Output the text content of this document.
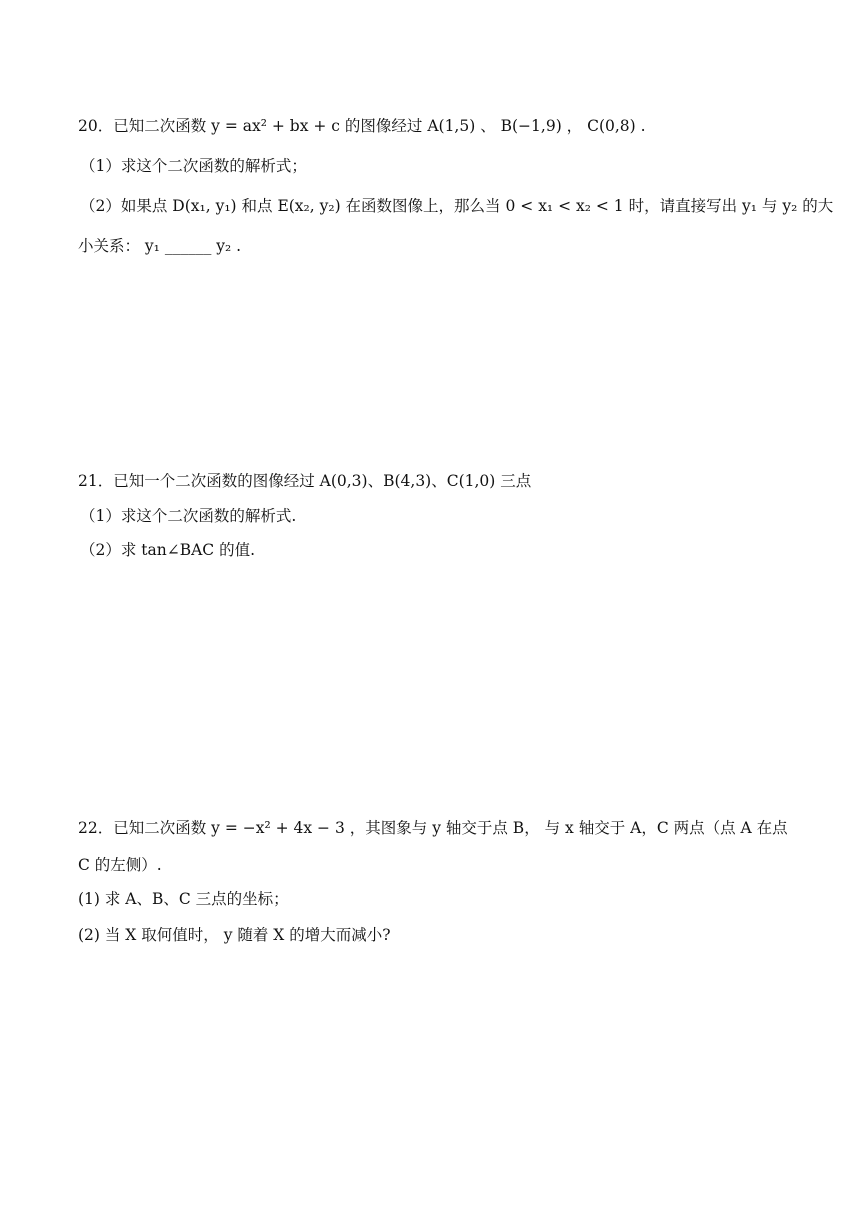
20．已知二次函数 y = ax² + bx + c 的图像经过 A(1,5) 、 B(−1,9) ， C(0,8) .
（1）求这个二次函数的解析式；
（2）如果点 D(x₁, y₁) 和点 E(x₂, y₂) 在函数图像上，那么当 0 < x₁ < x₂ < 1 时，请直接写出 y₁ 与 y₂ 的大
小关系： y₁ ______ y₂ .
21．已知一个二次函数的图像经过 A(0,3)、B(4,3)、C(1,0) 三点
（1）求这个二次函数的解析式.
（2）求 tan∠BAC 的值.
22．已知二次函数 y = −x² + 4x − 3 ，其图象与 y 轴交于点 B， 与 x 轴交于 A，C 两点（点 A 在点
C 的左侧）.
(1) 求 A、B、C 三点的坐标；
(2) 当 X 取何值时， y 随着 X 的增大而减小?
